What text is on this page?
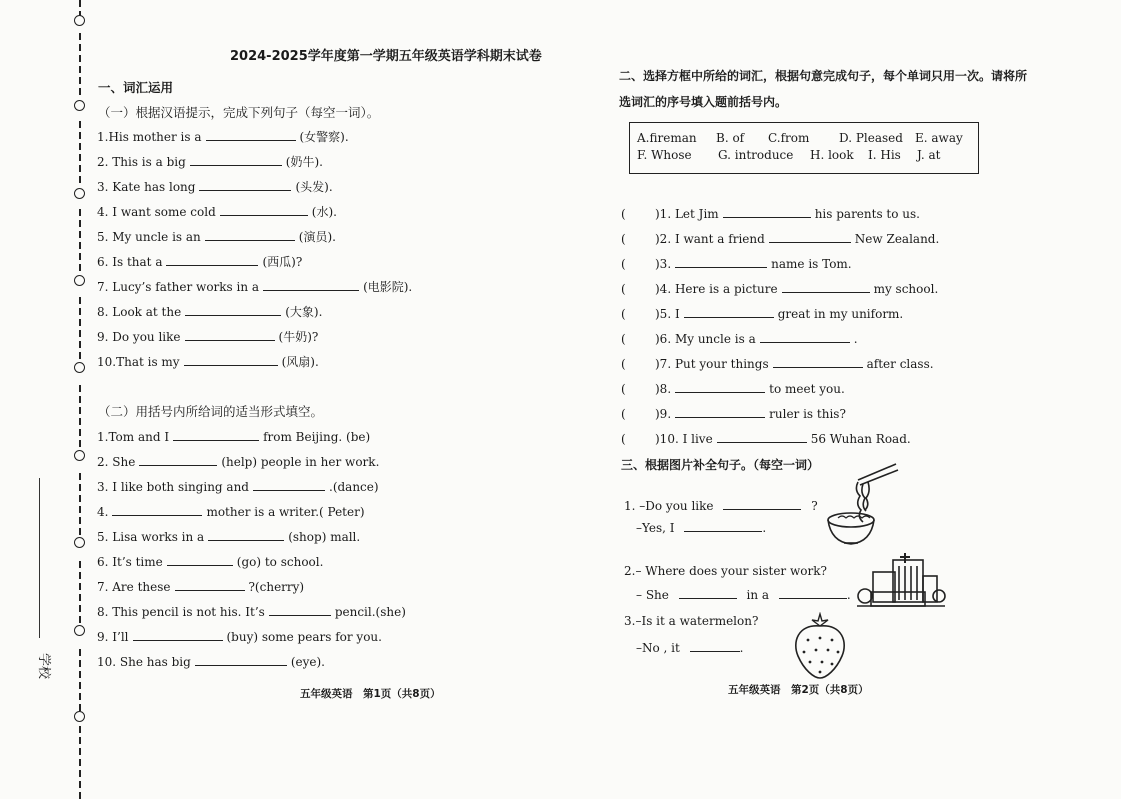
学校
2024-2025学年度第一学期五年级英语学科期末试卷
一、词汇运用
（一）根据汉语提示，完成下列句子（每空一词）。
1.His mother is a	(女警察).
2. This is a big	(奶牛).
3. Kate has long	(头发).
4. I want some cold	(水).
5. My uncle is an	(演员).
6. Is that a	(西瓜)?
7. Lucy’s father works in a	(电影院).
8. Look at the	(大象).
9. Do you like	(牛奶)?
10.That is my	(风扇).
（二）用括号内所给词的适当形式填空。
1.Tom and I	from Beijing. (be)
2. She	(help) people in her work.
3. I like both singing and	.(dance)
4.	mother is a writer.( Peter)
5. Lisa works in a	(shop) mall.
6. It’s time	(go) to school.
7. Are these	?(cherry)
8. This pencil is not his. It’s	pencil.(she)
9. I’ll	(buy) some pears for you.
10. She has big	(eye).
五年级英语　第1页（共8页）
二、选择方框中所给的词汇，根据句意完成句子，每个单词只用一次。请将所
选词汇的序号填入题前括号内。
A.fireman B. of C.from D. Pleased E. away
F. Whose G. introduce H. look I. His J. at
( )1. Let Jim	his parents to us.
( )2. I want a friend	New Zealand.
( )3.	name is Tom.
( )4. Here is a picture	my school.
( )5. I	great in my uniform.
( )6. My uncle is a	.
( )7. Put your things	after class.
( )8.	to meet you.
( )9.	ruler is this?
( )10. I live	56 Wuhan Road.
三、根据图片补全句子。（每空一词）
1. –Do you like	?
–Yes, I	.
2.– Where does your sister work?
– She	in a	.
3.–Is it a watermelon?
–No , it	.
五年级英语　第2页（共8页）
